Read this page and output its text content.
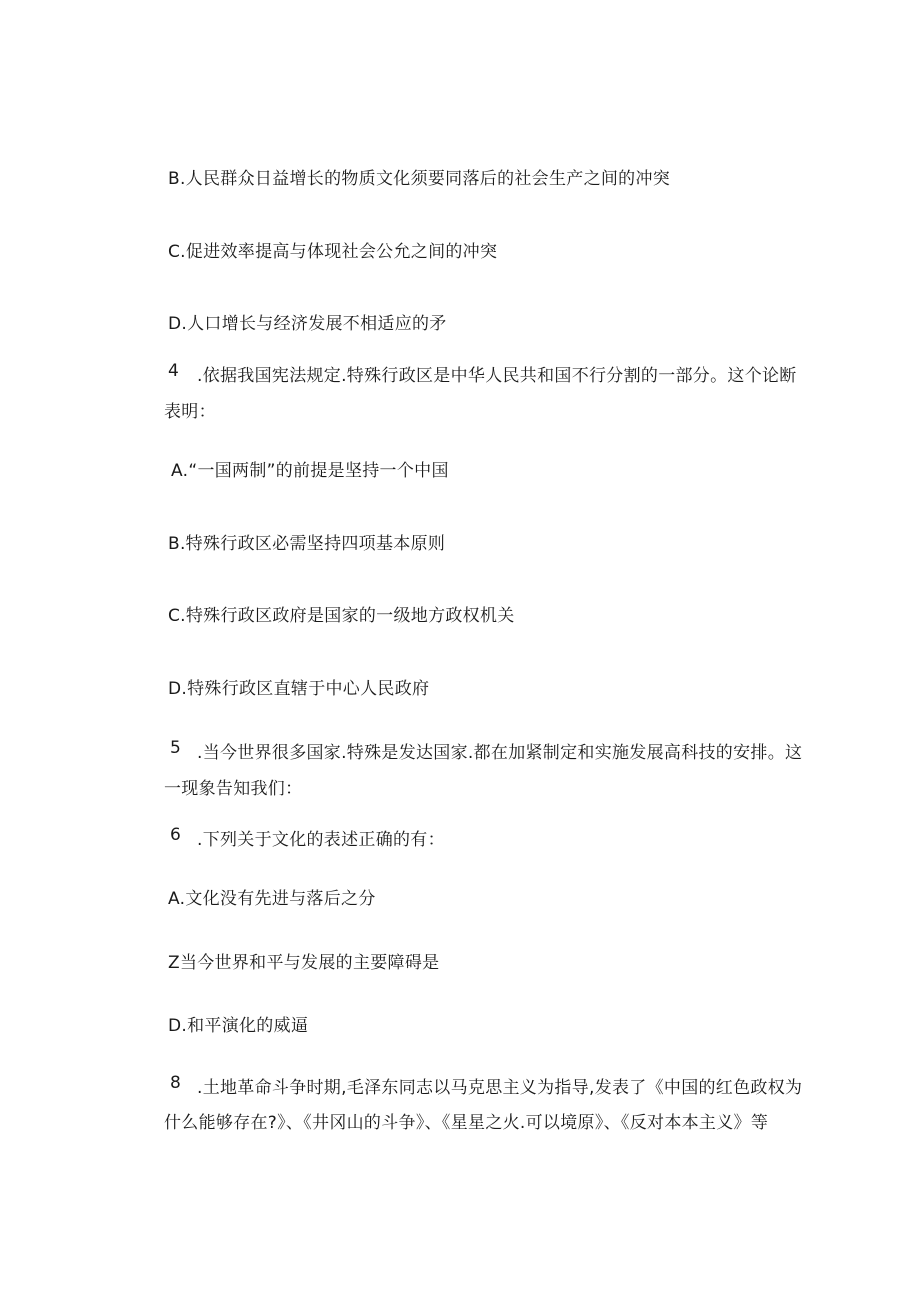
B.人民群众日益增长的物质文化须要同落后的社会生产之间的冲突
C.促进效率提高与体现社会公允之间的冲突
D.人口增长与经济发展不相适应的矛
4 .依据我国宪法规定.特殊行政区是中华人民共和国不行分割的一部分。这个论断
表明：
A.“一国两制”的前提是坚持一个中国
B.特殊行政区必需坚持四项基本原则
C.特殊行政区政府是国家的一级地方政权机关
D.特殊行政区直辖于中心人民政府
5 .当今世界很多国家.特殊是发达国家.都在加紧制定和实施发展高科技的安排。这
一现象告知我们：
6 .下列关于文化的表述正确的有：
A.文化没有先进与落后之分
Z当今世界和平与发展的主要障碍是
D.和平演化的威逼
8 .土地革命斗争时期,毛泽东同志以马克思主义为指导,发表了《中国的红色政权为
什么能够存在?》、《井冈山的斗争》、《星星之火.可以境原》、《反对本本主义》等
